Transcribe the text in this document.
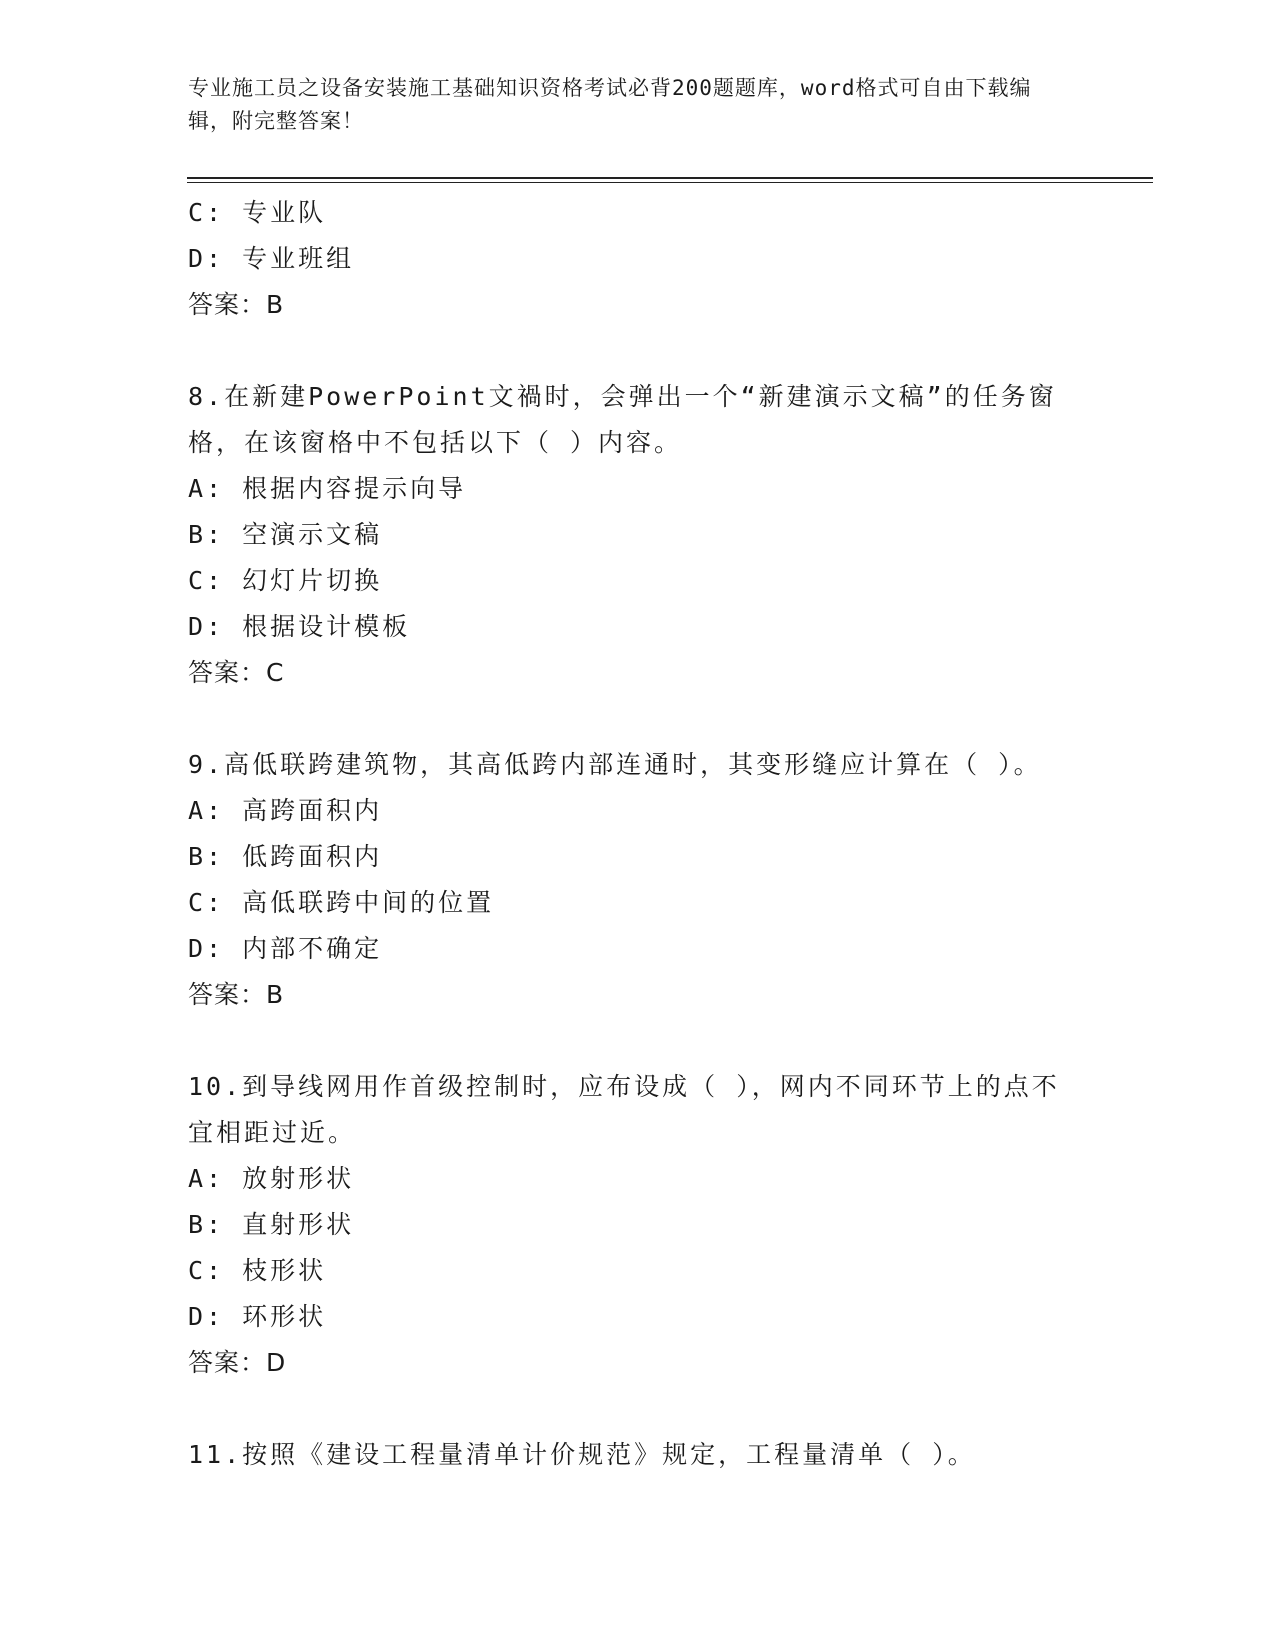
专业施工员之设备安装施工基础知识资格考试必背200题题库，word格式可自由下载编辑，附完整答案！
C: 专业队
D: 专业班组
答案：B
8.在新建PowerPoint文禍时，会弹出一个“新建演示文稿”的任务窗格，在该窗格中不包括以下（ ）内容。
A: 根据内容提示向导
B: 空演示文稿
C: 幻灯片切换
D: 根据设计模板
答案：C
9.高低联跨建筑物，其高低跨内部连通时，其变形缝应计算在（ ）。
A: 高跨面积内
B: 低跨面积内
C: 高低联跨中间的位置
D: 内部不确定
答案：B
10.到导线网用作首级控制时，应布设成（ ），网内不同环节上的点不宜相距过近。
A: 放射形状
B: 直射形状
C: 枝形状
D: 环形状
答案：D
11.按照《建设工程量清单计价规范》规定，工程量清单（ ）。
